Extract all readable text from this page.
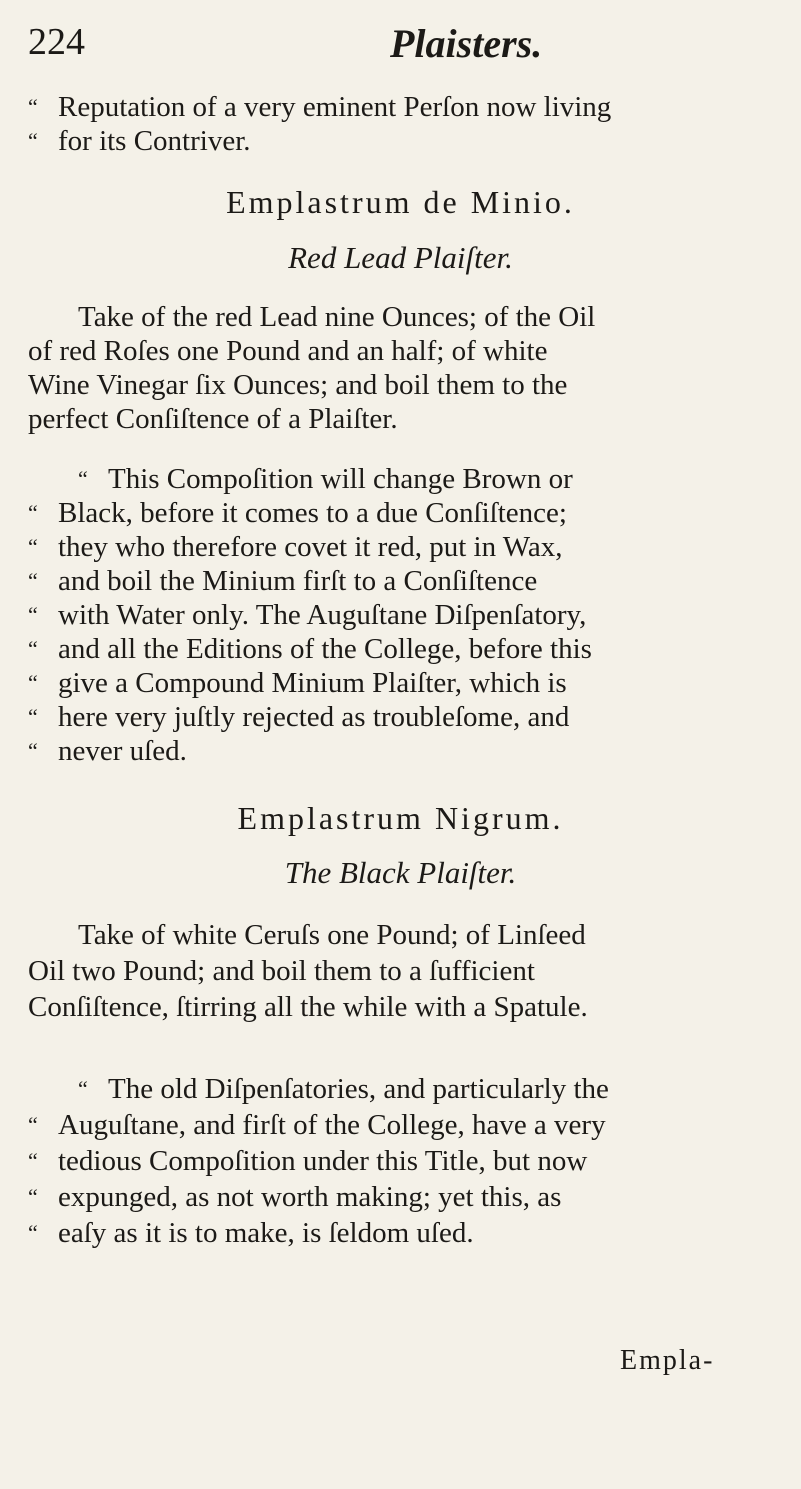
224	Plaisters.
“ Reputation of a very eminent Perſon now living
“ for its Contriver.
Emplastrum de Minio.
Red Lead Plaiſter.
Take of the red Lead nine Ounces; of the Oil
of red Roſes one Pound and an half; of white
Wine Vinegar ſix Ounces; and boil them to the
perfect Conſiſtence of a Plaiſter.
“ This Compoſition will change Brown or
“ Black, before it comes to a due Conſiſtence;
“ they who therefore covet it red, put in Wax,
“ and boil the Minium firſt to a Conſiſtence
“ with Water only. The Auguſtane Diſpenſatory,
“ and all the Editions of the College, before this
“ give a Compound Minium Plaiſter, which is
“ here very juſtly rejected as troubleſome, and
“ never uſed.
Emplastrum Nigrum.
The Black Plaiſter.
Take of white Ceruſs one Pound; of Linſeed
Oil two Pound; and boil them to a ſufficient
Conſiſtence, ſtirring all the while with a Spatule.
“ The old Diſpenſatories, and particularly the
“ Auguſtane, and firſt of the College, have a very
“ tedious Compoſition under this Title, but now
“ expunged, as not worth making; yet this, as
“ eaſy as it is to make, is ſeldom uſed.
Empla-
